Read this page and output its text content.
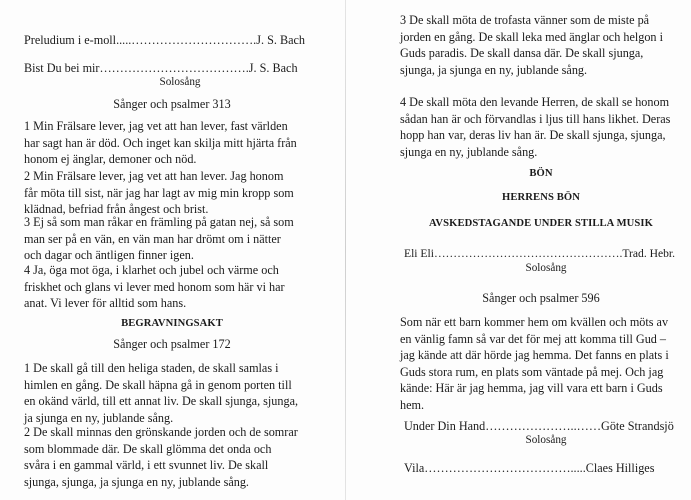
Preludium i e-moll.....………………………….J. S. Bach
Bist Du bei mir……………………………….J. S. Bach
Solosång
Sånger och psalmer 313
1 Min Frälsare lever, jag vet att han lever, fast världen
har sagt han är död. Och inget kan skilja mitt hjärta från
honom ej änglar, demoner och nöd.
2 Min Frälsare lever, jag vet att han lever. Jag honom
får möta till sist, när jag har lagt av mig min kropp som
klädnad, befriad från ångest och brist.
3 Ej så som man råkar en främling på gatan nej, så som
man ser på en vän, en vän man har drömt om i nätter
och dagar och äntligen finner igen.
4 Ja, öga mot öga, i klarhet och jubel och värme och
friskhet och glans vi lever med honom som här vi har
anat. Vi lever för alltid som hans.
BEGRAVNINGSAKT
Sånger och psalmer 172
1 De skall gå till den heliga staden, de skall samlas i
himlen en gång. De skall häpna gå in genom porten till
en okänd värld, till ett annat liv. De skall sjunga, sjunga,
ja sjunga en ny, jublande sång.
2 De skall minnas den grönskande jorden och de somrar
som blommade där. De skall glömma det onda och
svåra i en gammal värld, i ett svunnet liv. De skall
sjunga, sjunga, ja sjunga en ny, jublande sång.
3 De skall möta de trofasta vänner som de miste på
jorden en gång. De skall leka med änglar och helgon i
Guds paradis. De skall dansa där. De skall sjunga,
sjunga, ja sjunga en ny, jublande sång.
4 De skall möta den levande Herren, de skall se honom
sådan han är och förvandlas i ljus till hans likhet. Deras
hopp han var, deras liv han är. De skall sjunga, sjunga,
sjunga en ny, jublande sång.
BÖN
HERRENS BÖN
AVSKEDSTAGANDE UNDER STILLA MUSIK
Eli Eli………………………………………….Trad. Hebr.
Solosång
Sånger och psalmer 596
Som när ett barn kommer hem om kvällen och möts av
en vänlig famn så var det för mej att komma till Gud –
jag kände att där hörde jag hemma. Det fanns en plats i
Guds stora rum, en plats som väntade på mej. Och jag
kände: Här är jag hemma, jag vill vara ett barn i Guds
hem.
Under Din Hand…………………..……Göte Strandsjö
Solosång
Vila……………………………….....Claes Hilliges
